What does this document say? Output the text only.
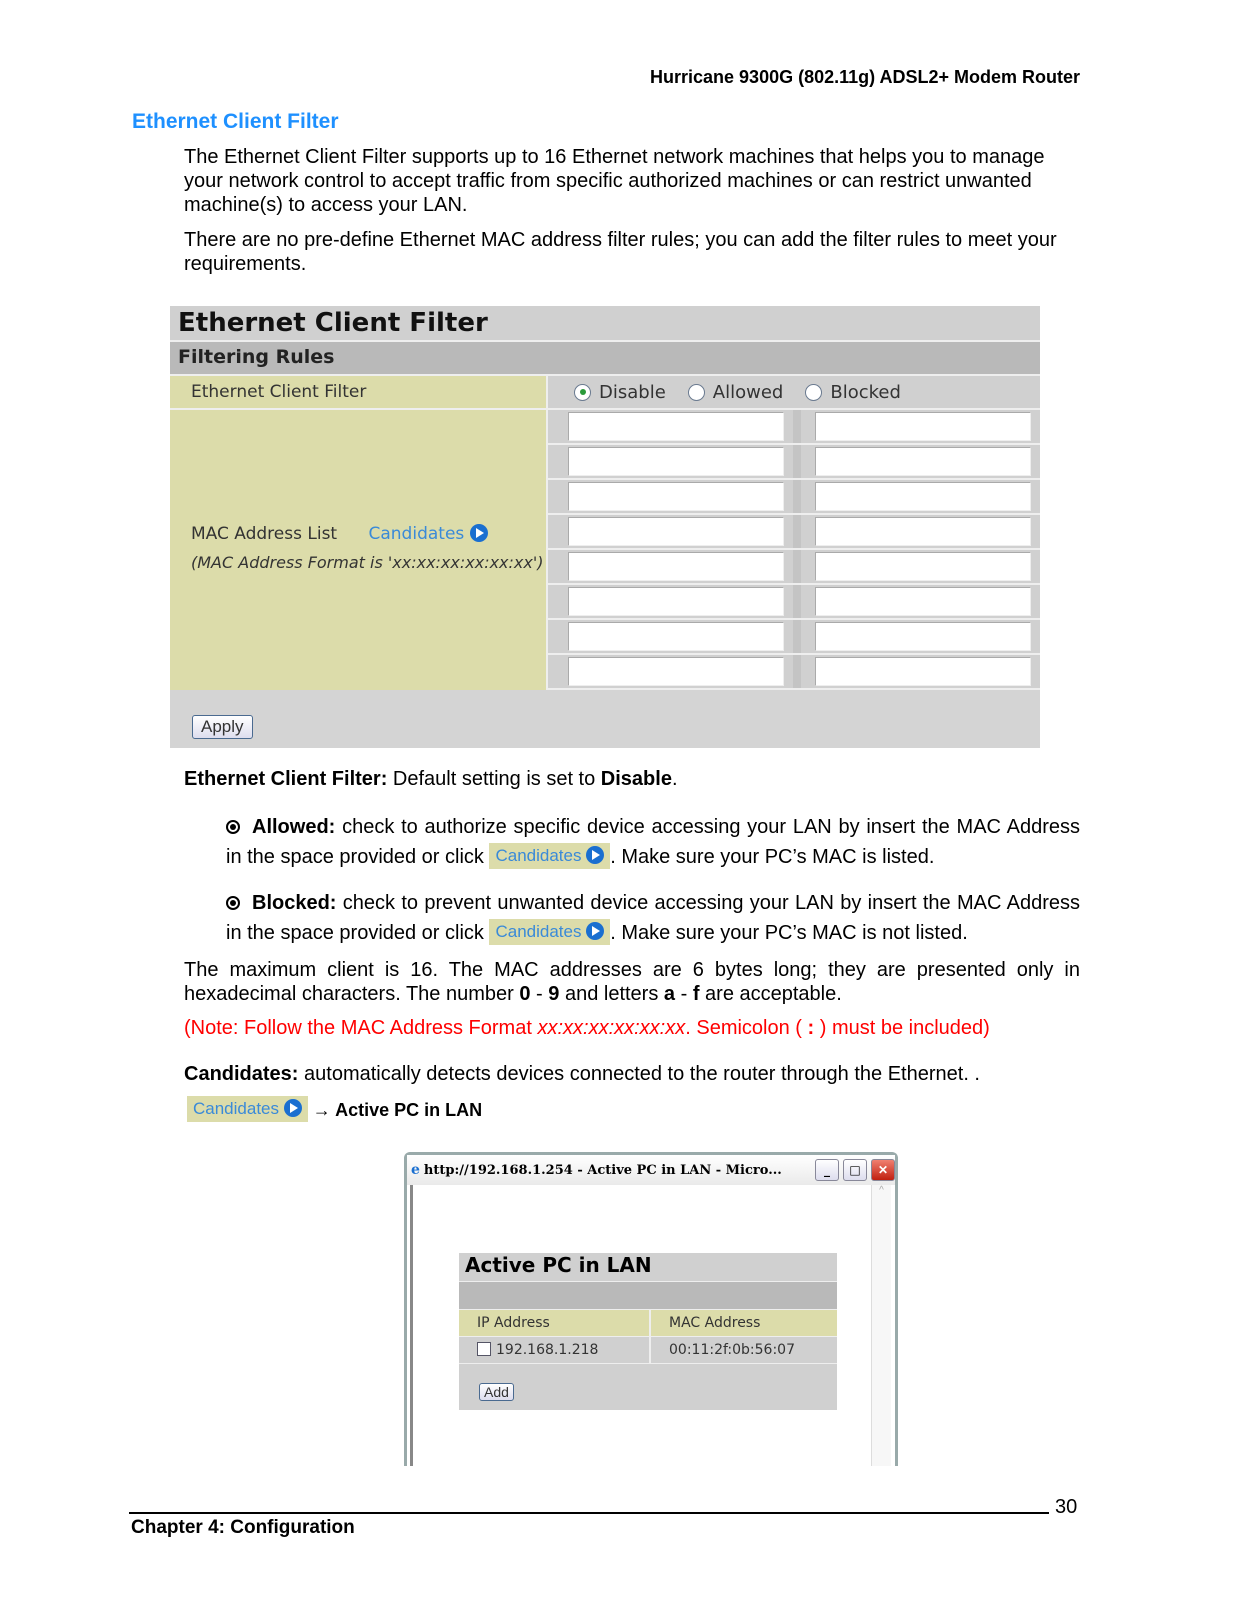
Hurricane 9300G (802.11g) ADSL2+ Modem Router
Ethernet Client Filter
The Ethernet Client Filter supports up to 16 Ethernet network machines that helps you to manage your network control to accept traffic from specific authorized machines or can restrict unwanted machine(s) to access your LAN.
There are no pre-define Ethernet MAC address filter rules; you can add the filter rules to meet your requirements.
Ethernet Client Filter
Filtering Rules
Ethernet Client Filter	Disable	Allowed	Blocked
MAC Address List Candidates
(MAC Address Format is 'xx:xx:xx:xx:xx:xx')
Apply
Ethernet Client Filter: Default setting is set to Disable.
Allowed: check to authorize specific device accessing your LAN by insert the MAC Address in the space provided or click Candidates . Make sure your PC’s MAC is listed.
Blocked: check to prevent unwanted device accessing your LAN by insert the MAC Address in the space provided or click Candidates . Make sure your PC’s MAC is not listed.
The maximum client is 16. The MAC addresses are 6 bytes long; they are presented only in hexadecimal characters. The number 0 - 9 and letters a - f are acceptable.
(Note: Follow the MAC Address Format xx:xx:xx:xx:xx:xx. Semicolon ( : ) must be included)
Candidates: automatically detects devices connected to the router through the Ethernet. .
Candidates → Active PC in LAN
e http://192.168.1.254 - Active PC in LAN - Micro...	_	□	✕
Active PC in LAN
IP Address	MAC Address
192.168.1.218	00:11:2f:0b:56:07
Add
^
30
Chapter 4: Configuration
